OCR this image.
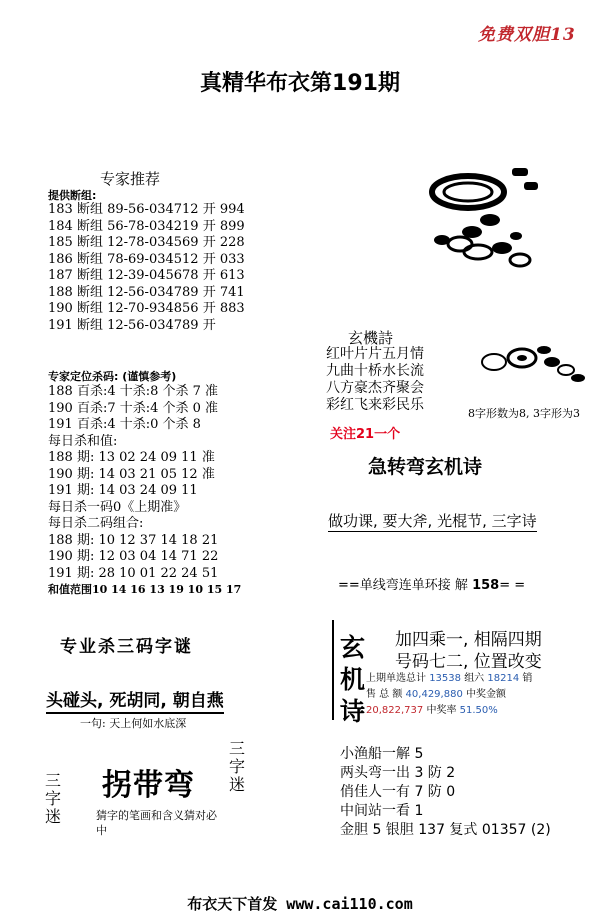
免费双胆13
真精华布衣第191期
专家推荐
提供断组:
183 断组 89-56-034712 开 994
184 断组 56-78-034219 开 899
185 断组 12-78-034569 开 228
186 断组 78-69-034512 开 033
187 断组 12-39-045678 开 613
188 断组 12-56-034789 开 741
190 断组 12-70-934856 开 883
191 断组 12-56-034789 开
专家定位杀码: (谨慎参考)
188 百杀:4 十杀:8 个杀 7 准
190 百杀:7 十杀:4 个杀 0 准
191 百杀:4 十杀:0 个杀 8
每日杀和值:
188 期: 13 02 24 09 11 准
190 期: 14 03 21 05 12 准
191 期: 14 03 24 09 11
每日杀一码0《上期准》
每日杀二码组合:
188 期: 10 12 37 14 18 21
190 期: 12 03 04 14 71 22
191 期: 28 10 01 22 24 51
和值范围10 14 16 13 19 10 15 17
专业杀三码字谜
头碰头, 死胡同, 朝自燕
一句: 天上何如水底深
三
字
迷
三
字
迷
拐带弯
猜字的笔画和含义猜对必中
玄機詩
红叶片片五月情
九曲十桥水长流
八方豪杰齐聚会
彩红飞来彩民乐
关注21一个
8字形数为8, 3字形为3
急转弯玄机诗
做功课, 要大斧, 光棍节, 三字诗
==单线弯连单环接 解 158= =
玄
机
诗
加四乘一, 相隔四期
号码七二, 位置改变
上期单选总计 13538 组六 18214 销
售 总 额 40,429,880 中奖金额
20,822,737 中奖率 51.50%
小渔船一解 5
两头弯一出 3 防 2
俏佳人一有 7 防 0
中间站一看 1
金胆 5 银胆 137 复式 01357 (2)
布衣天下首发 www.cai110.com
